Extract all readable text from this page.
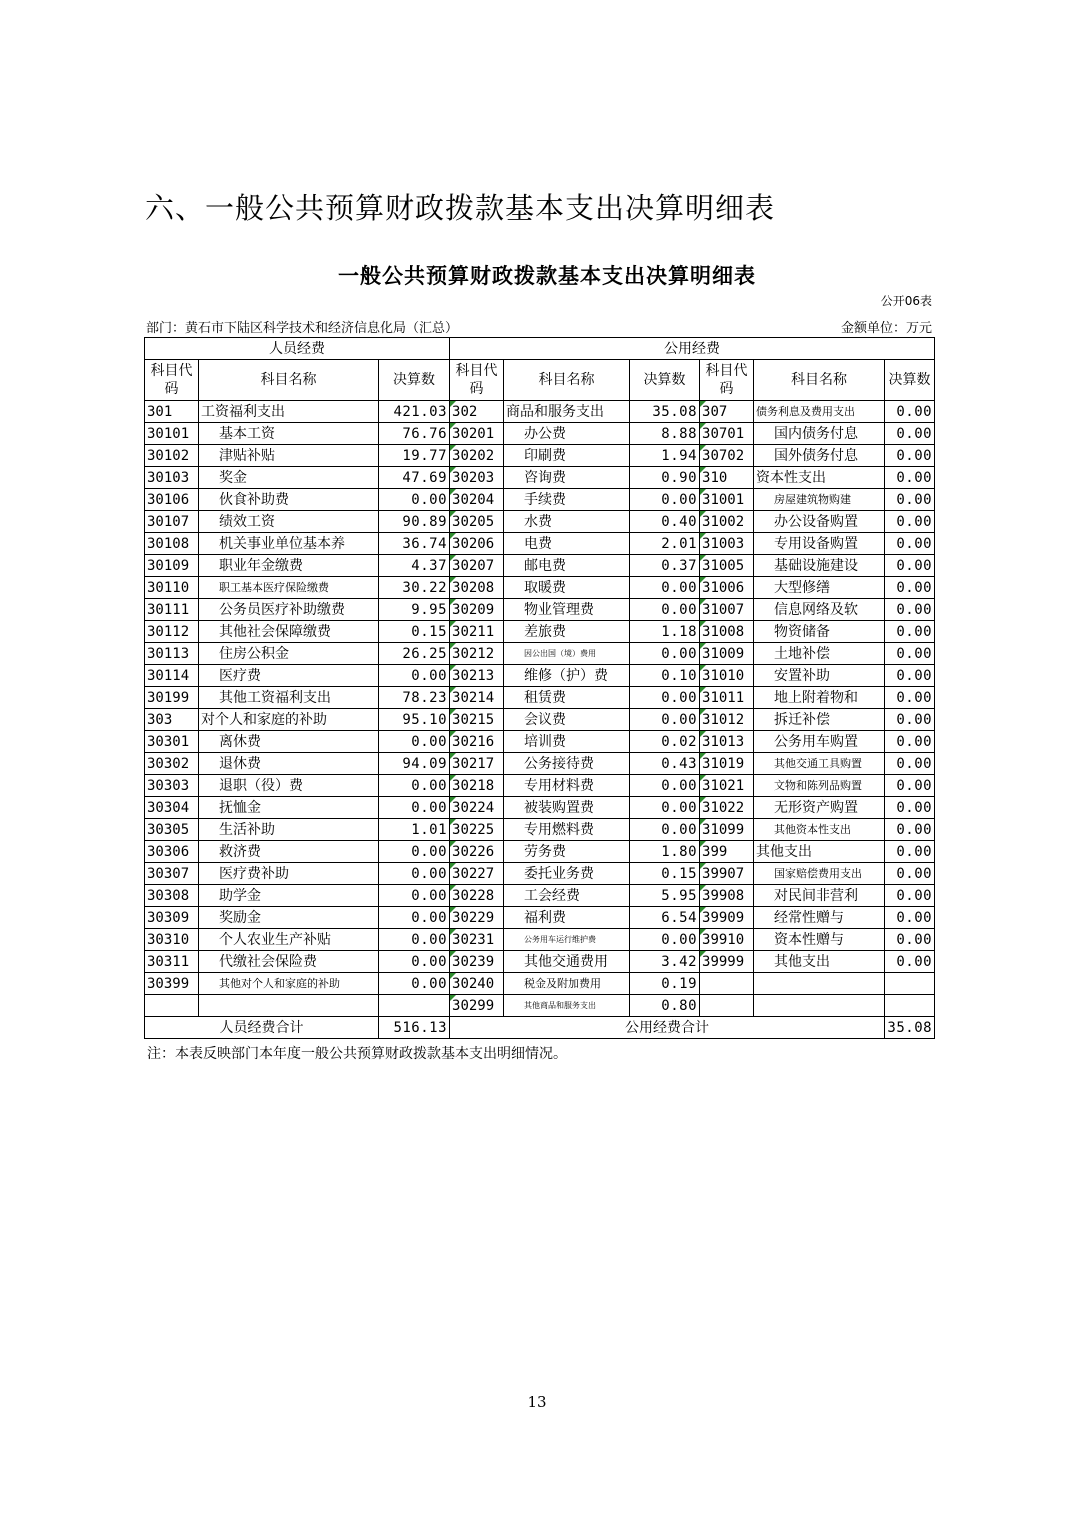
六、一般公共预算财政拨款基本支出决算明细表
一般公共预算财政拨款基本支出决算明细表
公开06表
部门：黄石市下陆区科学技术和经济信息化局（汇总）	金额单位：万元
人员经费			公用经费					
科目代码	科目名称	决算数	科目代码	科目名称	决算数	科目代码	科目名称	决算数
301	工资福利支出	421.03	302	商品和服务支出	35.08	307	债务利息及费用支出	0.00
30101	基本工资	76.76	30201	办公费	8.88	30701	国内债务付息	0.00
30102	津贴补贴	19.77	30202	印刷费	1.94	30702	国外债务付息	0.00
30103	奖金	47.69	30203	咨询费	0.90	310	资本性支出	0.00
30106	伙食补助费	0.00	30204	手续费	0.00	31001	房屋建筑物购建	0.00
30107	绩效工资	90.89	30205	水费	0.40	31002	办公设备购置	0.00
30108	机关事业单位基本养	36.74	30206	电费	2.01	31003	专用设备购置	0.00
30109	职业年金缴费	4.37	30207	邮电费	0.37	31005	基础设施建设	0.00
30110	职工基本医疗保险缴费	30.22	30208	取暖费	0.00	31006	大型修缮	0.00
30111	公务员医疗补助缴费	9.95	30209	物业管理费	0.00	31007	信息网络及软	0.00
30112	其他社会保障缴费	0.15	30211	差旅费	1.18	31008	物资储备	0.00
30113	住房公积金	26.25	30212	因公出国（境）费用	0.00	31009	土地补偿	0.00
30114	医疗费	0.00	30213	维修（护）费	0.10	31010	安置补助	0.00
30199	其他工资福利支出	78.23	30214	租赁费	0.00	31011	地上附着物和	0.00
303	对个人和家庭的补助	95.10	30215	会议费	0.00	31012	拆迁补偿	0.00
30301	离休费	0.00	30216	培训费	0.02	31013	公务用车购置	0.00
30302	退休费	94.09	30217	公务接待费	0.43	31019	其他交通工具购置	0.00
30303	退职（役）费	0.00	30218	专用材料费	0.00	31021	文物和陈列品购置	0.00
30304	抚恤金	0.00	30224	被装购置费	0.00	31022	无形资产购置	0.00
30305	生活补助	1.01	30225	专用燃料费	0.00	31099	其他资本性支出	0.00
30306	救济费	0.00	30226	劳务费	1.80	399	其他支出	0.00
30307	医疗费补助	0.00	30227	委托业务费	0.15	39907	国家赔偿费用支出	0.00
30308	助学金	0.00	30228	工会经费	5.95	39908	对民间非营利	0.00
30309	奖励金	0.00	30229	福利费	6.54	39909	经常性赠与	0.00
30310	个人农业生产补贴	0.00	30231	公务用车运行维护费	0.00	39910	资本性赠与	0.00
30311	代缴社会保险费	0.00	30239	其他交通费用	3.42	39999	其他支出	0.00
30399	其他对个人和家庭的补助	0.00	30240	税金及附加费用	0.19			
			30299	其他商品和服务支出	0.80			
人员经费合计		516.13	公用经费合计					35.08
注：本表反映部门本年度一般公共预算财政拨款基本支出明细情况。
13
